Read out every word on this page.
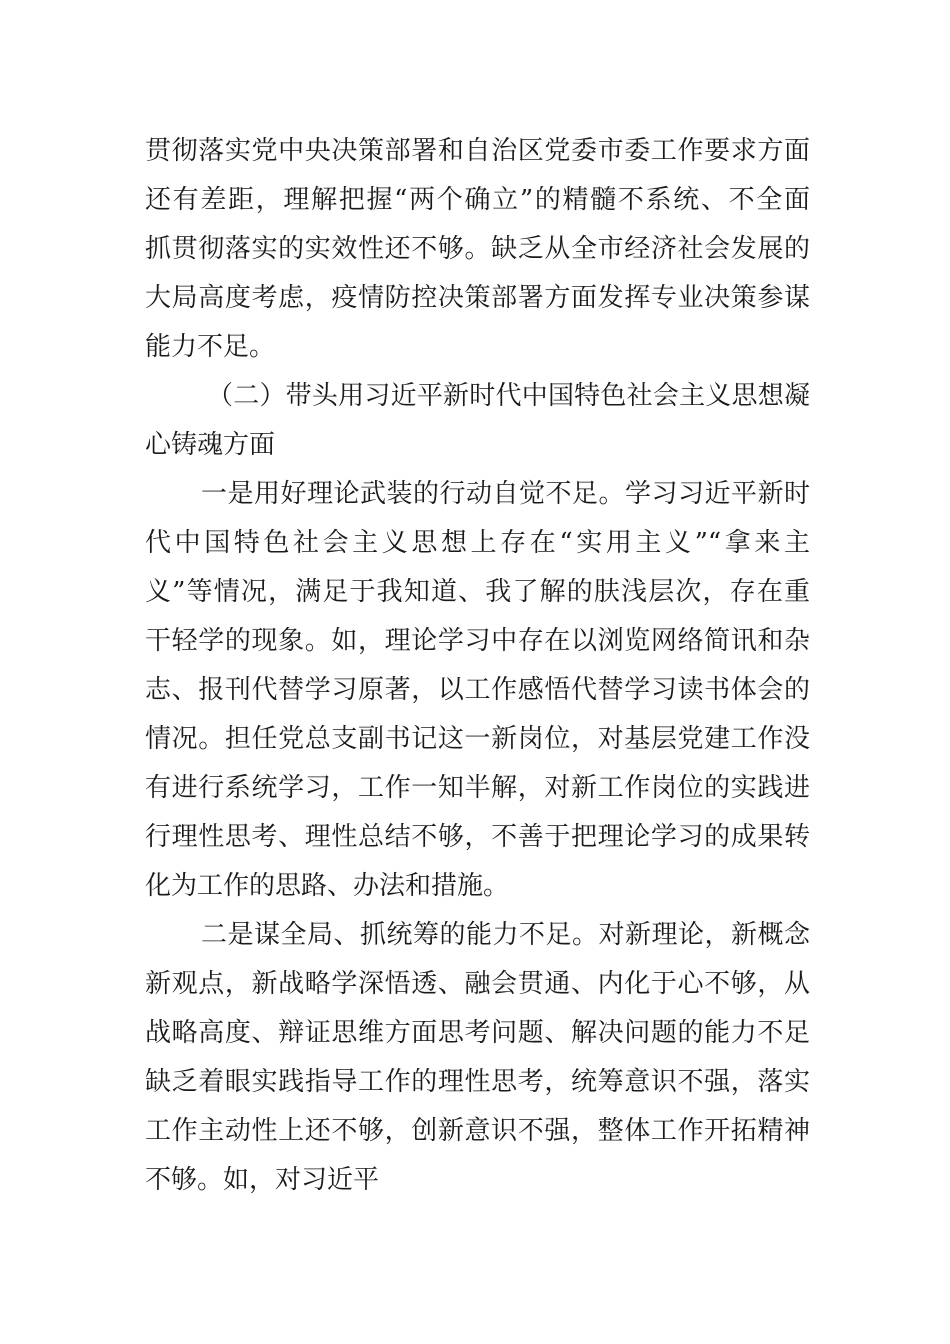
贯彻落实党中央决策部署和自治区党委市委工作要求方面
还有差距，理解把握“两个确立”的精髓不系统、不全面
抓贯彻落实的实效性还不够。缺乏从全市经济社会发展的
大局高度考虑，疫情防控决策部署方面发挥专业决策参谋
能力不足。
（二）带头用习近平新时代中国特色社会主义思想凝
心铸魂方面
一是用好理论武装的行动自觉不足。学习习近平新时
代中国特色社会主义思想上存在“实用主义”“拿来主
义”等情况，满足于我知道、我了解的肤浅层次，存在重
干轻学的现象。如，理论学习中存在以浏览网络简讯和杂
志、报刊代替学习原著，以工作感悟代替学习读书体会的
情况。担任党总支副书记这一新岗位，对基层党建工作没
有进行系统学习，工作一知半解，对新工作岗位的实践进
行理性思考、理性总结不够，不善于把理论学习的成果转
化为工作的思路、办法和措施。
二是谋全局、抓统筹的能力不足。对新理论，新概念
新观点，新战略学深悟透、融会贯通、内化于心不够，从
战略高度、辩证思维方面思考问题、解决问题的能力不足
缺乏着眼实践指导工作的理性思考，统筹意识不强，落实
工作主动性上还不够，创新意识不强，整体工作开拓精神
不够。如，对习近平
